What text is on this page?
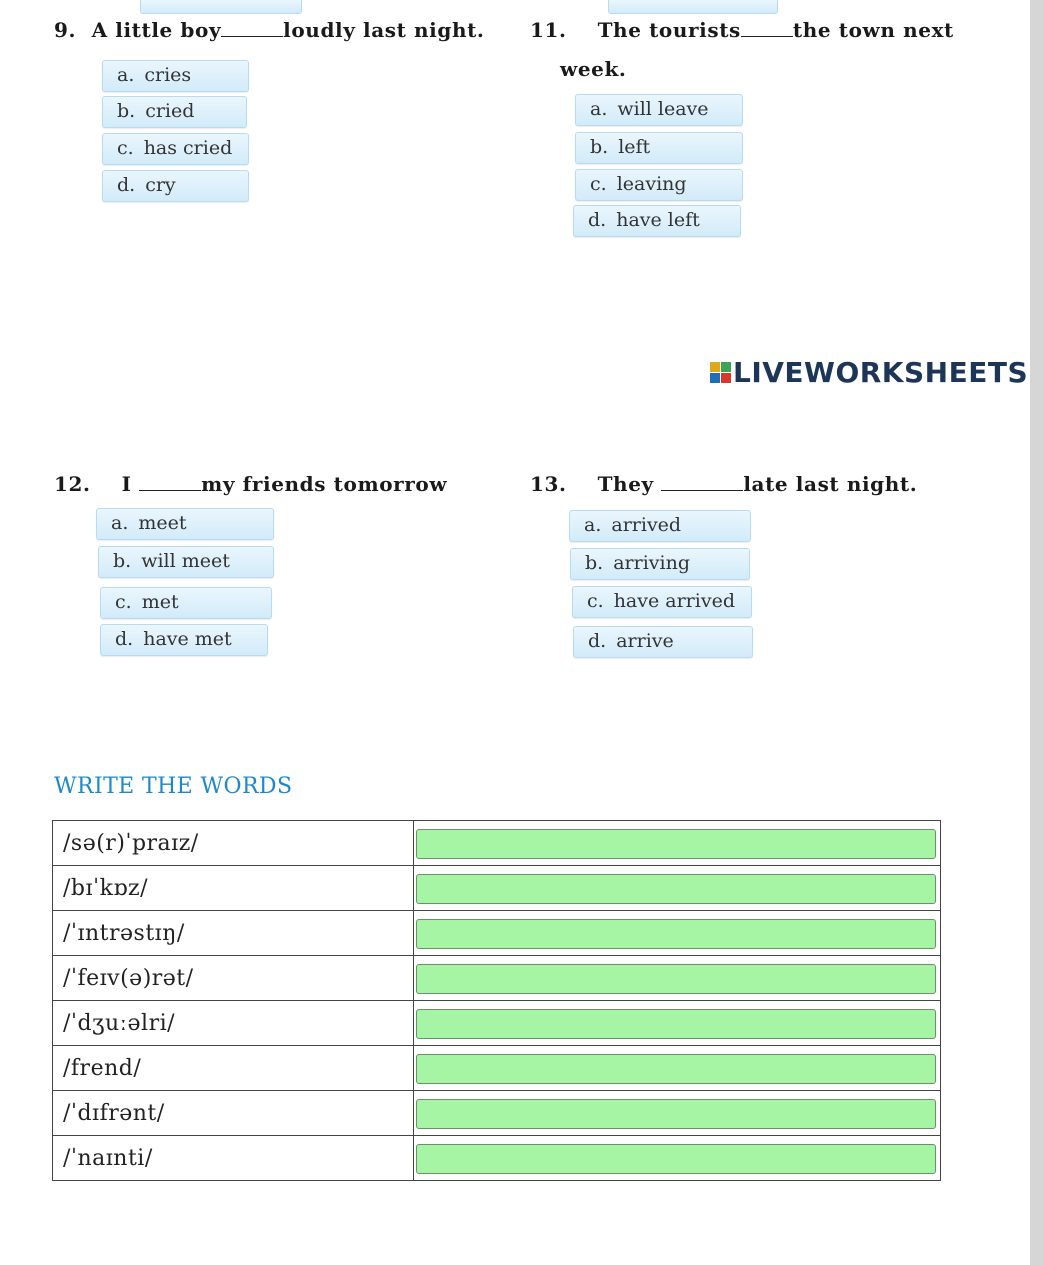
9. A little boy	loudly last night.
a. cries
b. cried
c. has cried
d. cry
11. The tourists	the town next
week.
a. will leave
b. left
c. leaving
d. have left
LIVEWORKSHEETS
12. I	my friends tomorrow
a. meet
b. will meet
c. met
d. have met
13. They	late last night.
a. arrived
b. arriving
c. have arrived
d. arrive
WRITE THE WORDS
/sə(r)ˈpraɪz/	

/bɪˈkɒz/	

/ˈɪntrəstɪŋ/	

/ˈfeɪv(ə)rət/	

/ˈdʒuːəlri/	

/frend/	

/ˈdɪfrənt/	

/ˈnaɪnti/	
